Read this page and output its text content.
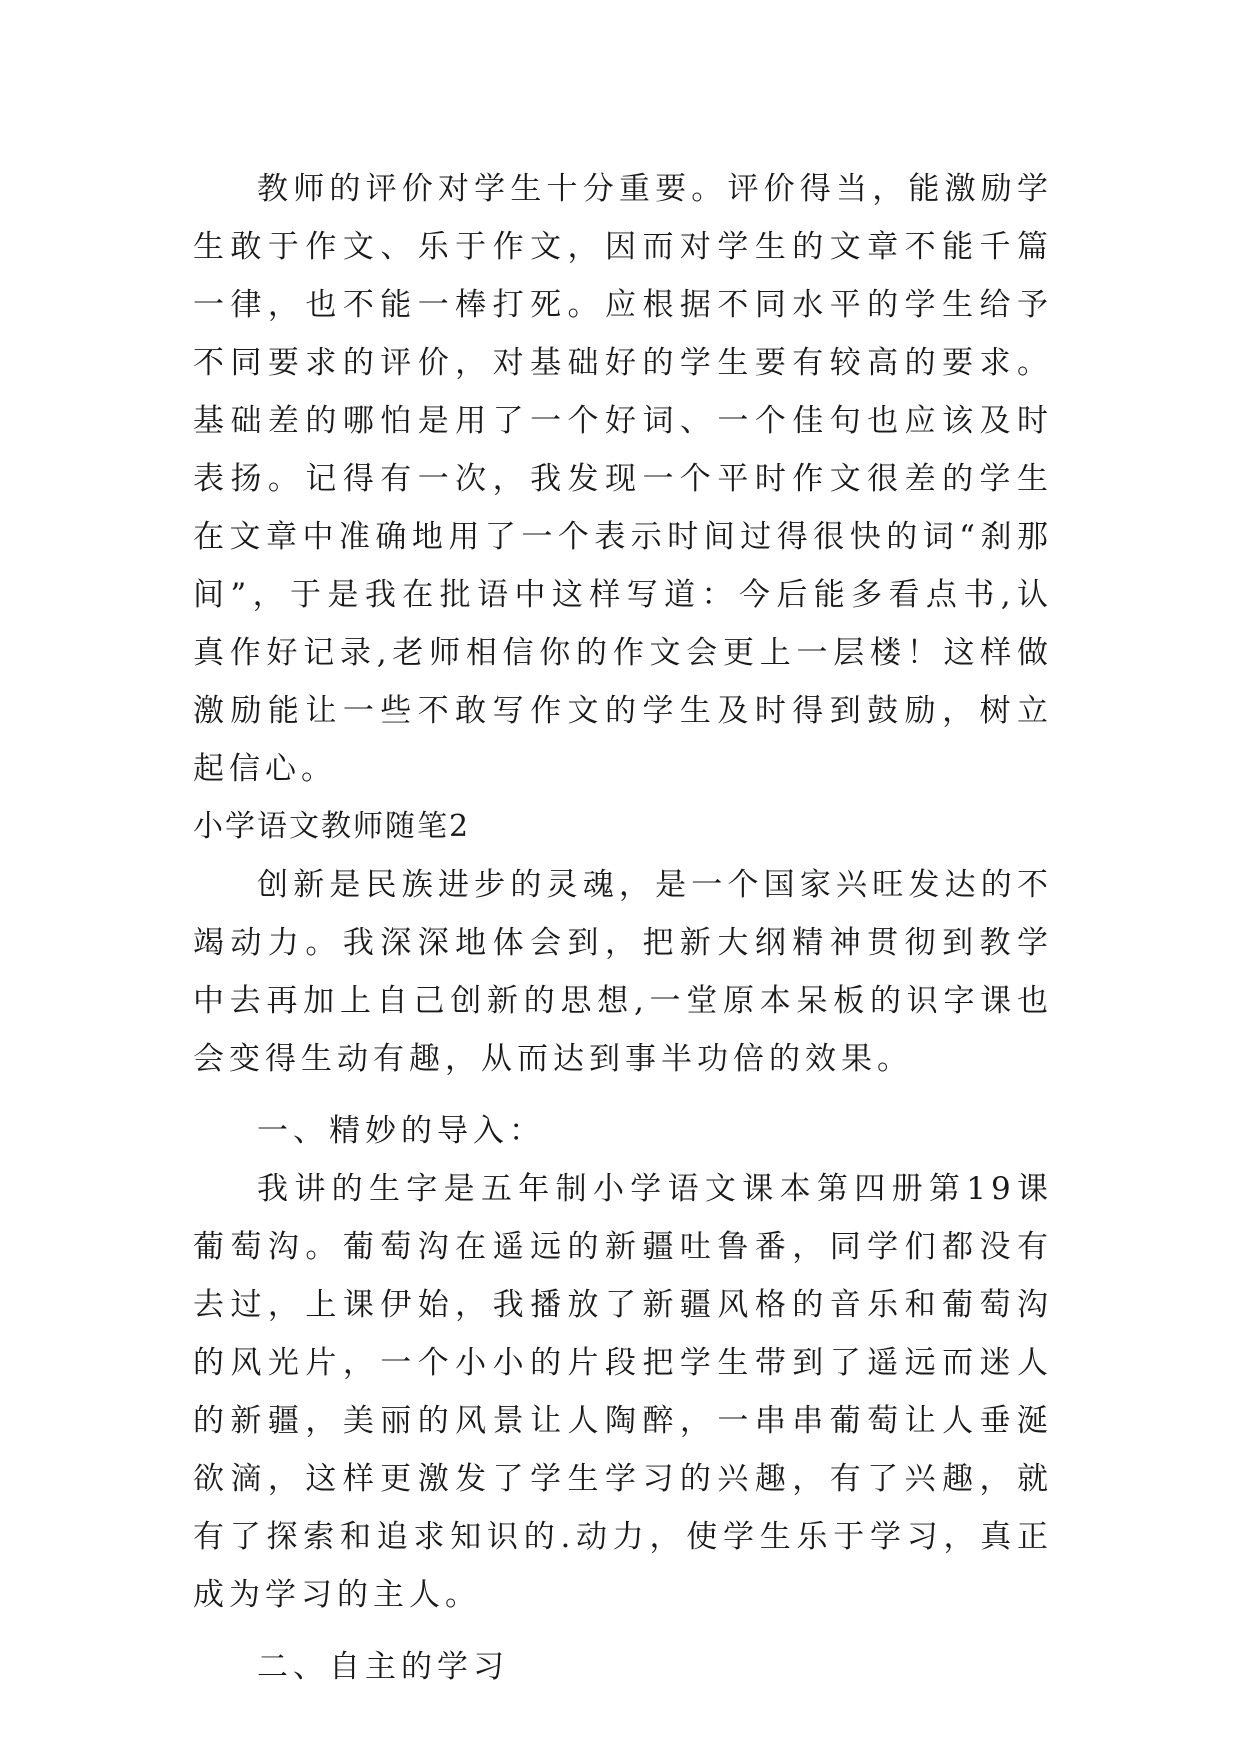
教师的评价对学生十分重要。评价得当，能激励学生敢于作文、乐于作文，因而对学生的文章不能千篇一律，也不能一棒打死。应根据不同水平的学生给予不同要求的评价，对基础好的学生要有较高的要求。基础差的哪怕是用了一个好词、一个佳句也应该及时表扬。记得有一次，我发现一个平时作文很差的学生在文章中准确地用了一个表示时间过得很快的词“刹那间”，于是我在批语中这样写道：今后能多看点书,认真作好记录,老师相信你的作文会更上一层楼！这样做激励能让一些不敢写作文的学生及时得到鼓励，树立起信心。

小学语文教师随笔2

创新是民族进步的灵魂，是一个国家兴旺发达的不竭动力。我深深地体会到，把新大纲精神贯彻到教学中去再加上自己创新的思想,一堂原本呆板的识字课也会变得生动有趣，从而达到事半功倍的效果。

一、精妙的导入：

我讲的生字是五年制小学语文课本第四册第19课葡萄沟。葡萄沟在遥远的新疆吐鲁番，同学们都没有去过，上课伊始，我播放了新疆风格的音乐和葡萄沟的风光片，一个小小的片段把学生带到了遥远而迷人的新疆，美丽的风景让人陶醉，一串串葡萄让人垂涎欲滴，这样更激发了学生学习的兴趣，有了兴趣，就有了探索和追求知识的.动力，使学生乐于学习，真正成为学习的主人。

二、自主的学习
